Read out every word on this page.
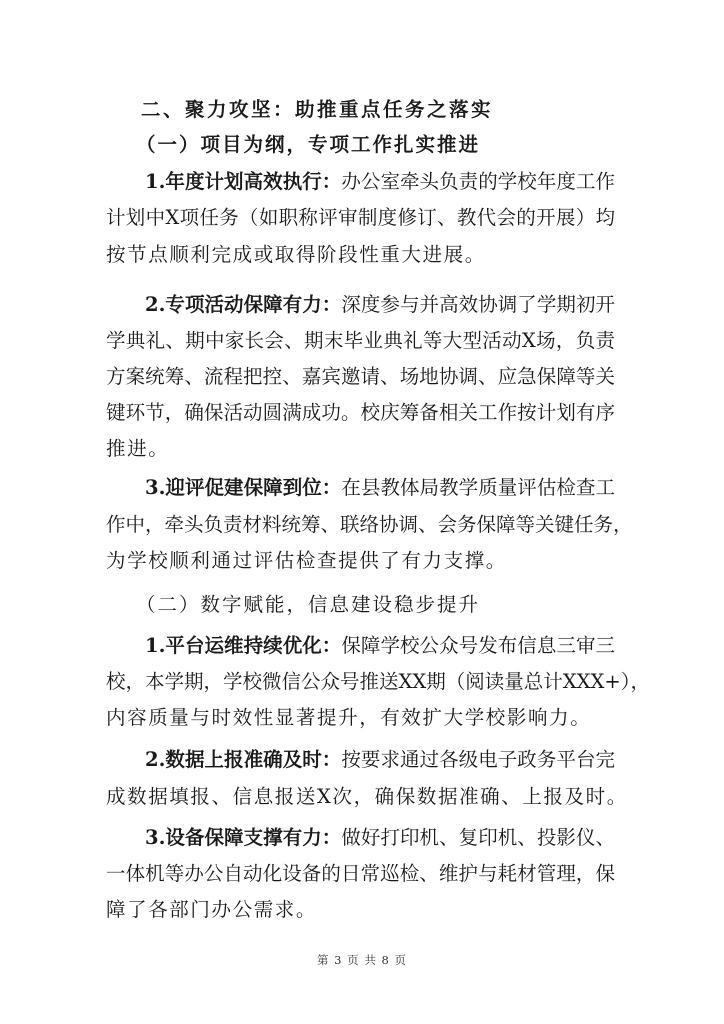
二、聚力攻坚：助推重点任务之落实
（一）项目为纲，专项工作扎实推进
1.年度计划高效执行：办公室牵头负责的学校年度工作
计划中X项任务（如职称评审制度修订、教代会的开展）均
按节点顺利完成或取得阶段性重大进展。
2.专项活动保障有力：深度参与并高效协调了学期初开
学典礼、期中家长会、期末毕业典礼等大型活动X场，负责
方案统筹、流程把控、嘉宾邀请、场地协调、应急保障等关
键环节，确保活动圆满成功。校庆筹备相关工作按计划有序
推进。
3.迎评促建保障到位：在县教体局教学质量评估检查工
作中，牵头负责材料统筹、联络协调、会务保障等关键任务，
为学校顺利通过评估检查提供了有力支撑。
（二）数字赋能，信息建设稳步提升
1.平台运维持续优化：保障学校公众号发布信息三审三
校，本学期，学校微信公众号推送XX期（阅读量总计XXX+），
内容质量与时效性显著提升，有效扩大学校影响力。
2.数据上报准确及时：按要求通过各级电子政务平台完
成数据填报、信息报送X次，确保数据准确、上报及时。
3.设备保障支撑有力：做好打印机、复印机、投影仪、
一体机等办公自动化设备的日常巡检、维护与耗材管理，保
障了各部门办公需求。
第 3 页 共 8 页
